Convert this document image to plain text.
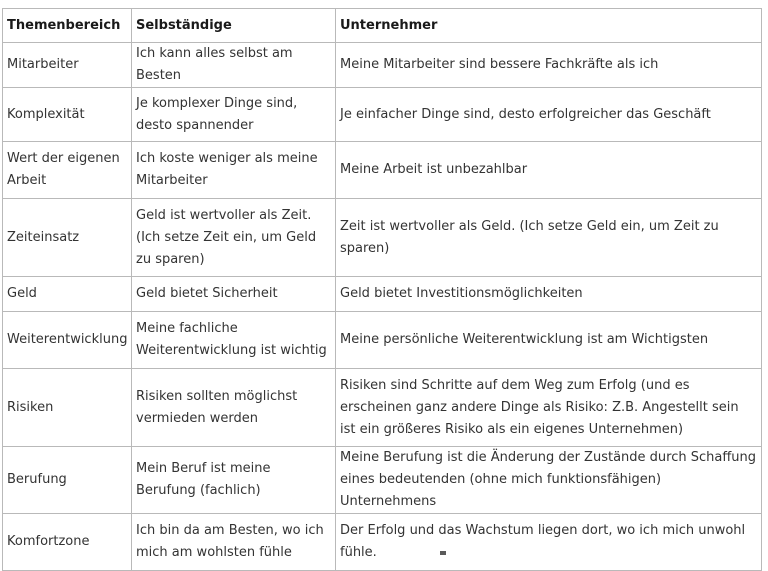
Themenbereich	Selbständige	Unternehmer
Mitarbeiter	Ich kann alles selbst am Besten	Meine Mitarbeiter sind bessere Fachkräfte als ich
Komplexität	Je komplexer Dinge sind, desto spannender	Je einfacher Dinge sind, desto erfolgreicher das Geschäft
Wert der eigenen Arbeit	Ich koste weniger als meine Mitarbeiter	Meine Arbeit ist unbezahlbar
Zeiteinsatz	Geld ist wertvoller als Zeit. (Ich setze Zeit ein, um Geld zu sparen)	Zeit ist wertvoller als Geld. (Ich setze Geld ein, um Zeit zu sparen)
Geld	Geld bietet Sicherheit	Geld bietet Investitionsmöglichkeiten
Weiterentwicklung	Meine fachliche Weiterentwicklung ist wichtig	Meine persönliche Weiterentwicklung ist am Wichtigsten
Risiken	Risiken sollten möglichst vermieden werden	Risiken sind Schritte auf dem Weg zum Erfolg (und es erscheinen ganz andere Dinge als Risiko: Z.B. Angestellt sein ist ein größeres Risiko als ein eigenes Unternehmen)
Berufung	Mein Beruf ist meine Berufung (fachlich)	Meine Berufung ist die Änderung der Zustände durch Schaffung eines bedeutenden (ohne mich funktionsfähigen) Unternehmens
Komfortzone	Ich bin da am Besten, wo ich mich am wohlsten fühle	Der Erfolg und das Wachstum liegen dort, wo ich mich unwohl fühle.
